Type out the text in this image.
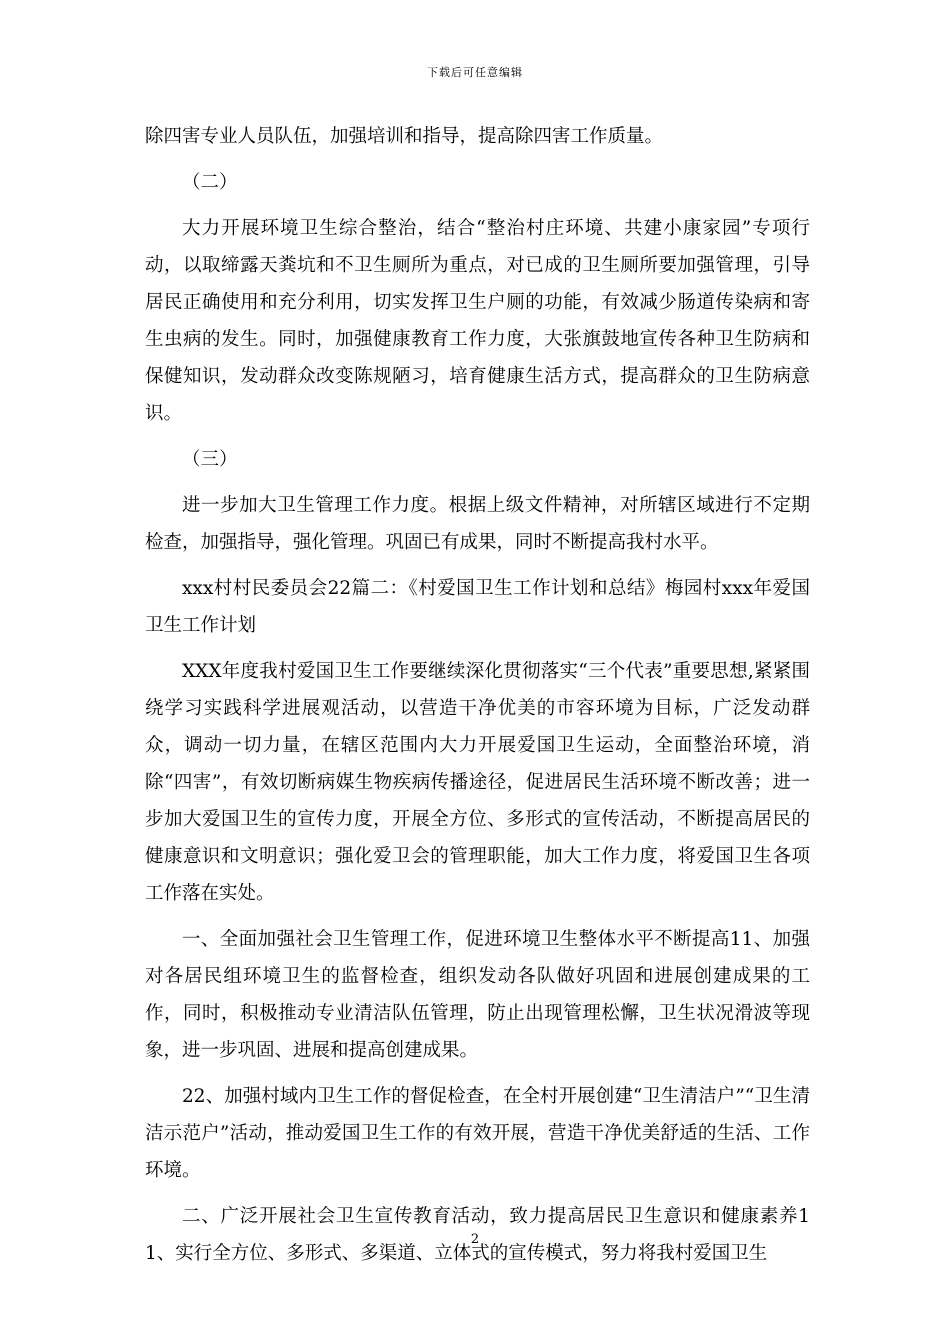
下载后可任意编辑

除四害专业人员队伍，加强培训和指导，提高除四害工作质量。

（二）

大力开展环境卫生综合整治，结合“整治村庄环境、共建小康家园”专项行动，以取缔露天粪坑和不卫生厕所为重点，对已成的卫生厕所要加强管理，引导居民正确使用和充分利用，切实发挥卫生户厕的功能，有效减少肠道传染病和寄生虫病的发生。同时，加强健康教育工作力度，大张旗鼓地宣传各种卫生防病和保健知识，发动群众改变陈规陋习，培育健康生活方式，提高群众的卫生防病意识。

（三）

进一步加大卫生管理工作力度。根据上级文件精神，对所辖区域进行不定期检查，加强指导，强化管理。巩固已有成果，同时不断提高我村水平。

xxx村村民委员会22篇二：《村爱国卫生工作计划和总结》梅园村xxx年爱国卫生工作计划

XXX年度我村爱国卫生工作要继续深化贯彻落实“三个代表”重要思想,紧紧围绕学习实践科学进展观活动，以营造干净优美的市容环境为目标，广泛发动群众，调动一切力量，在辖区范围内大力开展爱国卫生运动，全面整治环境，消除“四害”，有效切断病媒生物疾病传播途径，促进居民生活环境不断改善；进一步加大爱国卫生的宣传力度，开展全方位、多形式的宣传活动，不断提高居民的健康意识和文明意识；强化爱卫会的管理职能，加大工作力度，将爱国卫生各项工作落在实处。

一、全面加强社会卫生管理工作，促进环境卫生整体水平不断提高11、加强对各居民组环境卫生的监督检查，组织发动各队做好巩固和进展创建成果的工作，同时，积极推动专业清洁队伍管理，防止出现管理松懈，卫生状况滑波等现象，进一步巩固、进展和提高创建成果。

22、加强村域内卫生工作的督促检查，在全村开展创建“卫生清洁户”“卫生清洁示范户”活动，推动爱国卫生工作的有效开展，营造干净优美舒适的生活、工作环境。

二、广泛开展社会卫生宣传教育活动，致力提高居民卫生意识和健康素养11、实行全方位、多形式、多渠道、立体式的宣传模式，努力将我村爱国卫生

2
